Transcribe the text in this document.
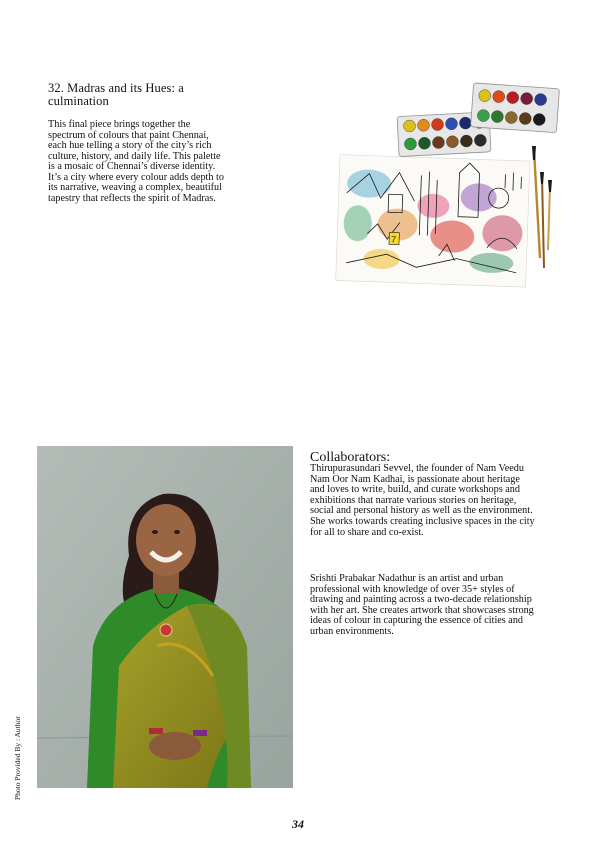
32. Madras and its Hues: a culmination
This final piece brings together the spectrum of colours that paint Chennai, each hue telling a story of the city’s rich culture, history, and daily life. This palette is a mosaic of Chennai’s diverse identity. It’s a city where every colour adds depth to its narrative, weaving a complex, beautiful tapestry that reflects the spirit of Madras.
7
Photo Provided By : Author
Collaborators:
Thirupurasundari Sevvel, the founder of Nam Veedu Nam Oor Nam Kadhai, is passionate about heritage and loves to write, build, and curate workshops and exhibitions that narrate various stories on heritage, social and personal history as well as the environment. She works towards creating inclusive spaces in the city for all to share and co-exist.
Srishti Prabakar Nadathur is an artist and urban professional with knowledge of over 35+ styles of drawing and painting across a two-decade relationship with her art. She creates artwork that showcases strong ideas of colour in capturing the essence of cities and urban environments.
34
